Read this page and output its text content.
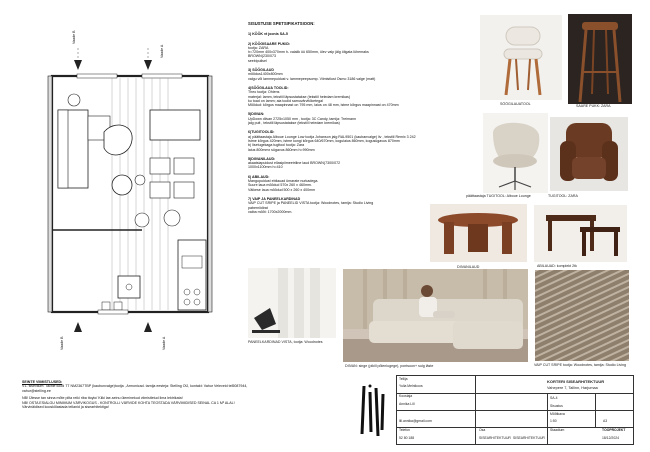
Vaade B
Vaade A
Vaade B	Vaade A
SISUSTUSE SPETSIFIKATSIOON:
1) KÖÖK vt joonis SA-5
2) KÖÖGISAARE PUKID:
tootja: ZARA
h=720mm 400x370mm h- valalik üü 650mm, ülev valp jälg öligata lühemaks
BROWN(230/073
seebipullsel
3) SÖÖGILAUD
mõõdus1400x800mm
valgu või lammepuidust v. lammepeepsomp. Viimistlust Osmo 3186 valge (matt)
4)SÖÖGILAUA TOOLID:
Theo tootja: Ohlens
materjal: lamm, tekstiil läpsustatakse (tekstiil heledam kremikas)
ku toad on lamm; aia toolid samuvärvitöketegal
Mõõdud: kõrgus maapinnast on 795 mm, laius on 48 mm, istme kõrgus maapinnast on 470mm
5)DIIVAN:
UpDown diivan 2725x1050 mm , tootja: 3C Candy, tamija: Treimann
jalg puit , tekstiil läpsustatakse (tekstiil heledam kremikas)
6)TUGITOOLID:
a) päättaastaja Alboue Lounge Low tootja Johanson jalg RAL9501 (kaubanvalge) liv , tekstiil Remix 3 242
Istme kõrgus 420mm, istme kongi kõrgus 640/670mm, kogulaius 860mm, kogusügavus 870mm
b) lisetugekaga tugitool tootja: Zara
laius 800mmx sügavus 860mm h=990mm
5)DIIVANILAUD:
akaatsiapuidust ellasipiimeetriline laud BROWN(7300/072
1000x1100mm h=410
6) ABILAUD:
Mangopuidust ebilauad ümarate nurkadega.
Suure laua mõõdud 570x 260 x 460mm.
Väikese laua mõõdud 500 x 260 x 400mm
7) VAIP JA PANEELKARDINAD
VAIP CUT SRIPE ja PANEELID VISTA tootja: Woodnotes, tamija: Studio Living
paberniidirat
vaiba mõõt: 1700x2000mm.
SÖÖGILAUATOOL	SAARE PUKK: ZARA
päättaastaja TUGITOOL: Alboue Lounge	TUGITOOL: ZARA
DIIVANILAUD	ABILAUAD: komplekt 2tk
PANEELKARDINAD VISTA, tootja: Woodnotes
DIIVAN: singe (pikill põlenlugege), pontsoon+ suig läste	VAIP CUT SRIPE tootja: Woodnotes, tamija: Studio Living
SEINTE VIIMISTLUSED:
V1- siseviium: Tactile kood TT NM2367TBP (kaubunvalge)tootja , Armonicad. tarnija eesteja: Stelling OÜ, kontakt: Vahur Veleveid tel5087944,
vahur@stelling.ee
NB! Ülesse tan sinna mõte pilta reiki riba ttoylo/ Kiiki lae-seinu üleminekud viimistletud ilma lektrikata!
NB! OSTA ESIALGU MINIMUM VÄRVIKOGUS - KONTROLLI VÄRVIDE KOHTA TEOSTADA VÄRVIMIDISED SEINAL CA 1 M² ALAL!
Värvinäidised kooskõlastada tellanid ja sisearhitektiga!
Tellija
Yulia Melnikova
KORTERI SISEARHITEKTUUR
Vahepere 7, Tallinn, Harjumaa
Koostaja
Annika Lill
SA-4
Sisustus
lill.annika@gmail.com
Mõõtkava
1:50	A3
Telefon
52 80 188
Osa
SISEARHITEKTUUR
Staadium
SISEARHITEKTUUR
TÖÖPROJEKT
18/12/2024
